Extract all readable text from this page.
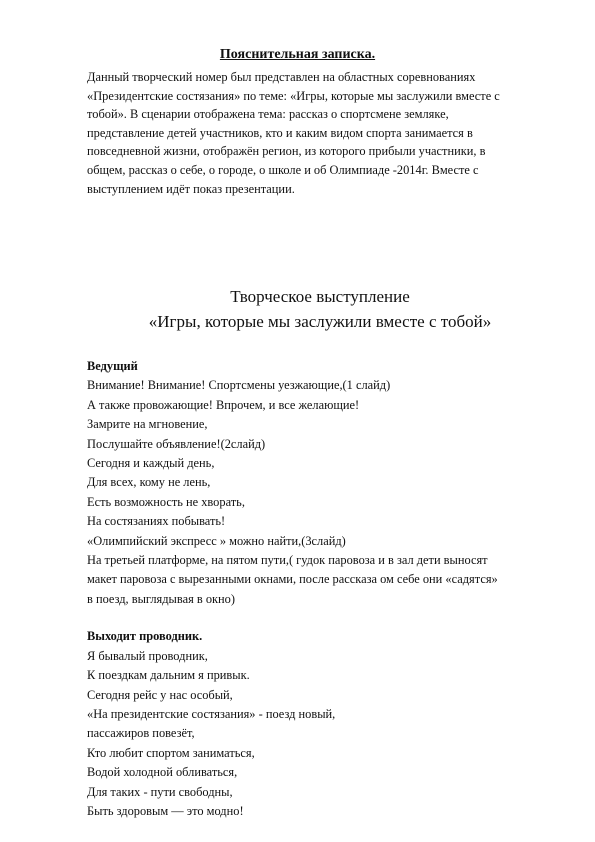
Пояснительная записка.
Данный творческий номер был представлен на областных соревнованиях
«Президентские состязания» по теме: «Игры, которые мы заслужили вместе с
тобой». В сценарии отображена тема: рассказ о спортсмене земляке,
представление детей участников, кто и каким видом спорта занимается в
повседневной жизни, отображён регион, из которого прибыли участники, в
общем, рассказ о себе, о городе, о школе и об Олимпиаде -2014г. Вместе с
выступлением идёт показ презентации.
Творческое выступление
«Игры, которые мы заслужили вместе с тобой»
Ведущий
Внимание! Внимание! Спортсмены уезжающие,(1 слайд)
А также провожающие! Впрочем, и все желающие!
Замрите на мгновение,
Послушайте объявление!(2слайд)
Сегодня и каждый день,
Для всех, кому не лень,
Есть возможность не хворать,
На состязаниях побывать!
«Олимпийский экспресс » можно найти,(3слайд)
На третьей платформе, на пятом пути,( гудок паровоза и в зал дети выносят
макет паровоза с вырезанными окнами, после рассказа ом себе они «садятся»
в поезд, выглядывая в окно)
Выходит проводник.
Я бывалый проводник,
К поездкам дальним я привык.
Сегодня рейс у нас особый,
«На президентские состязания» - поезд новый,
пассажиров повезёт,
Кто любит спортом заниматься,
Водой холодной обливаться,
Для таких - пути свободны,
Быть здоровым — это модно!
